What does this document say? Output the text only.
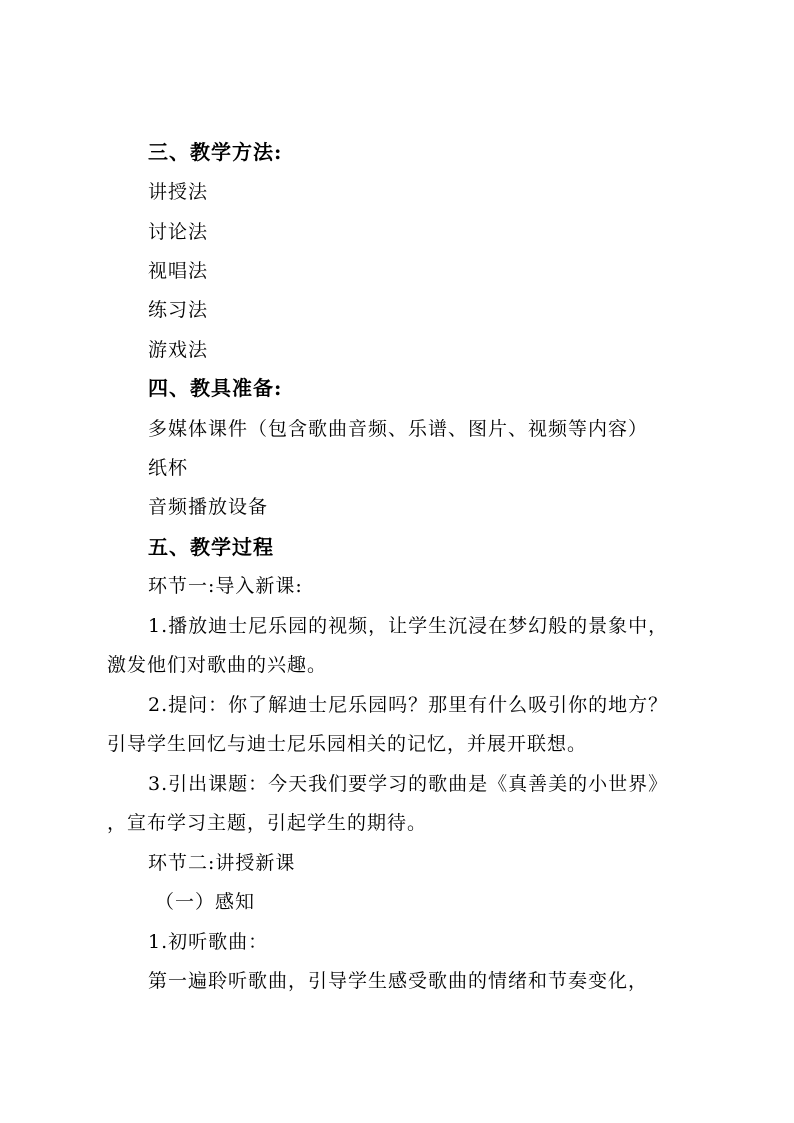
三、教学方法:
讲授法
讨论法
视唱法
练习法
游戏法
四、教具准备:
多媒体课件（包含歌曲音频、乐谱、图片、视频等内容）
纸杯
音频播放设备
五、教学过程
环节一:导入新课:
1.播放迪士尼乐园的视频，让学生沉浸在梦幻般的景象中，
激发他们对歌曲的兴趣。
2.提问：你了解迪士尼乐园吗？那里有什么吸引你的地方？
引导学生回忆与迪士尼乐园相关的记忆，并展开联想。
3.引出课题：今天我们要学习的歌曲是《真善美的小世界》
，宣布学习主题，引起学生的期待。
环节二:讲授新课
（一）感知
1.初听歌曲：
第一遍聆听歌曲，引导学生感受歌曲的情绪和节奏变化，
